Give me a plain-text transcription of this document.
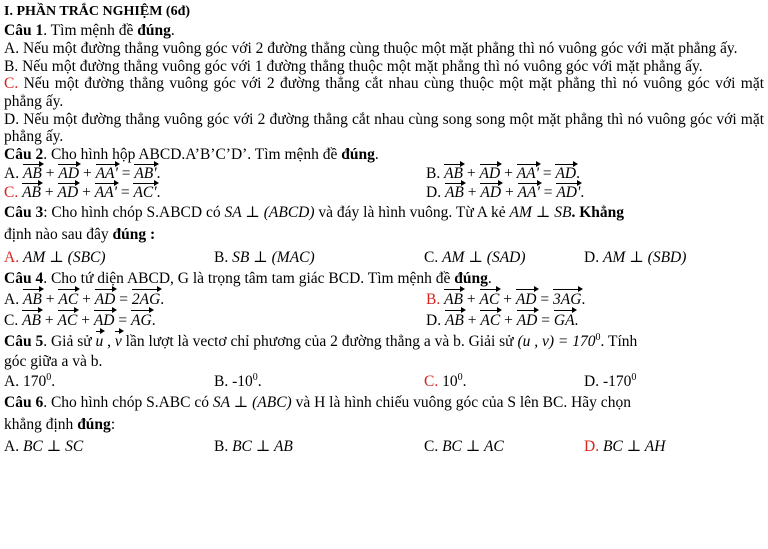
I. PHẦN TRẮC NGHIỆM (6đ)
Câu 1. Tìm mệnh đề đúng.
A. Nếu một đường thẳng vuông góc với 2 đường thẳng cùng thuộc một mặt phẳng thì nó vuông góc với mặt phẳng ấy.
B. Nếu một đường thẳng vuông góc với 1 đường thẳng thuộc một mặt phẳng thì nó vuông góc với mặt phẳng ấy.
C. Nếu một đường thẳng vuông góc với 2 đường thẳng cắt nhau cùng thuộc một mặt phẳng thì nó vuông góc với mặt phẳng ấy.
D. Nếu một đường thẳng vuông góc với 2 đường thẳng cắt nhau cùng song song một mặt phẳng thì nó vuông góc với mặt phẳng ấy.
Câu 2. Cho hình hộp ABCD.A’B’C’D’. Tìm mệnh đề đúng.
A. AB + AD + AA' = AB'.	B. AB + AD + AA' = AD.
C. AB + AD + AA' = AC'.	D. AB + AD + AA' = AD'.
Câu 3: Cho hình chóp S.ABCD có SA ⊥ (ABCD) và đáy là hình vuông. Từ A kẻ AM ⊥ SB. Khẳng
định nào sau đây đúng :
A. AM ⊥ (SBC)	B. SB ⊥ (MAC)	C. AM ⊥ (SAD)	D. AM ⊥ (SBD)
Câu 4. Cho tứ diện ABCD, G là trọng tâm tam giác BCD. Tìm mệnh đề đúng.
A. AB + AC + AD = 2AG.	B. AB + AC + AD = 3AG.
C. AB + AC + AD = AG.	D. AB + AC + AD = GA.
Câu 5. Giả sử u , v lần lượt là vectơ chỉ phương của 2 đường thẳng a và b. Giải sử (u , $v) = 170^0$. Tính
góc giữa a và b.
A. $170^0$.	B. $-10^0$.	C. $10^0$.	D. $-170^0$
Câu 6. Cho hình chóp S.ABC có SA ⊥ (ABC) và H là hình chiếu vuông góc của S lên BC. Hãy chọn
khẳng định đúng:
A. BC ⊥ SC	B. BC ⊥ AB	C. BC ⊥ AC	D. BC ⊥ AH
